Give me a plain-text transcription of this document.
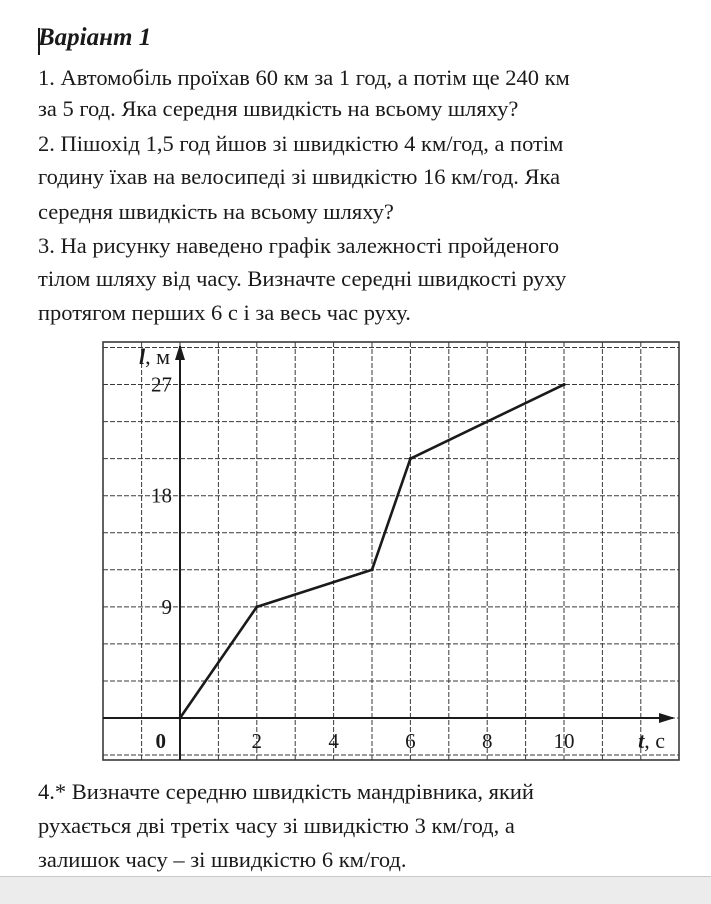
Варіант 1
1. Автомобіль проїхав 60 км за 1 год, а потім ще 240 км
за 5 год. Яка середня швидкість на всьому шляху?
2. Пішохід 1,5 год йшов зі швидкістю 4 км/год, а потім
годину їхав на велосипеді зі швидкістю 16 км/год. Яка
середня швидкість на всьому шляху?
3. На рисунку наведено графік залежності пройденого
тілом шляху від часу. Визначте середні швидкості руху
протягом перших 6 с і за весь час руху.
2	4	6	8	10
9
18
27
0
l, м
t, с
4.* Визначте середню швидкість мандрівника, який
рухається дві третіх часу зі швидкістю 3 км/год, а
залишок часу – зі швидкістю 6 км/год.
